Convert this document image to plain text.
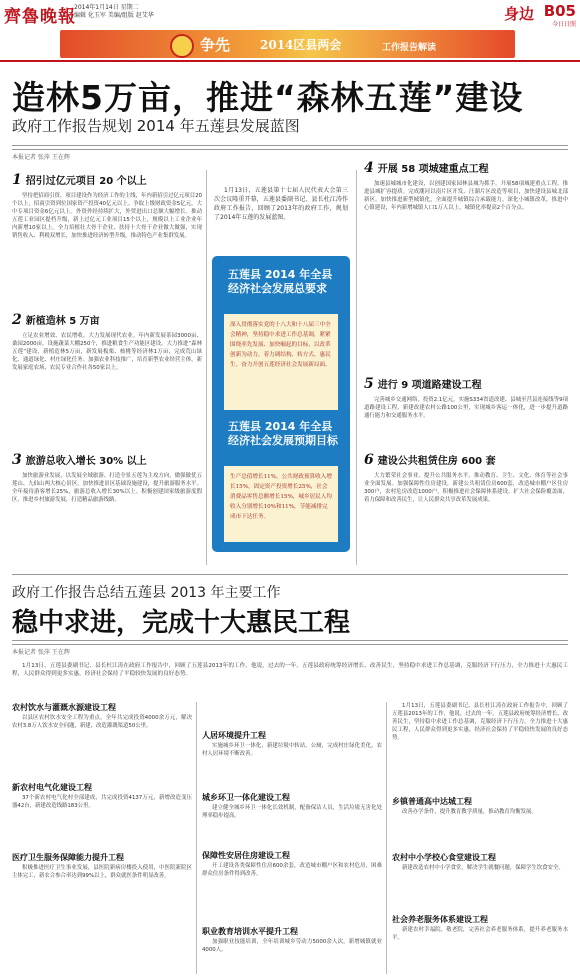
齊魯晚報
2014年1月14日 星期二
编辑 化玉军 美编/组版 赵艾华	身边 B05
今日日照
争先 2014区县两会	工作报告解读
造林5万亩，推进“森林五莲”建设
政府工作报告规划 2014 年五莲县发展蓝图
本报记者 张萍 王在辉
1 招引过亿元项目 20 个以上

坚持把招商引资、项目建设作为经济工作的主线，年内新招引过亿元项目20个以上，招商引资到位国家资产投资40亿元以上。争取上级财政资金5亿元，大中专项目资金6亿元以上。外资外经持续扩大，外贸进出口总额大幅增长。推动五莲工业园区提档升级，新上过亿元工业项目15个以上，规模以上工业企业年内新增10家以上。全力培植壮大骨干企业，扶持十大骨干企业做大做强，实现销售收入、利税双增长，加快推进经济转型升级，推动特色产业集群发展。

2 新植造林 5 万亩

立足农业增效、农民增收，大力发展现代农业。年内新发展茶园3000亩、桑园2000亩，设施蔬菜大棚250个，推进粮食生产功能区建设。大力推进“森林五莲”建设，新植造林5万亩，新发展板栗、核桃等经济林1万亩，完成荒山绿化、通道绿化、村庄绿化任务。加强农业科技推广，培育新型农业经营主体，新发展家庭农场、农民专业合作社各50家以上。

3 旅游总收入增长 30% 以上

加快旅游业发展，以发展全域旅游、打造全景五莲为主攻方向，做强做优五莲山、九仙山两大核心景区，加快推进景区基础设施建设，提升旅游服务水平。全年接待游客增长25%，旅游总收入增长30%以上。积极创建国家级旅游度假区，推进乡村旅游发展，打造精品旅游线路。

1月13日，五莲县第十七届人民代表大会第三次会议隆重开幕，五莲县委副书记、县长杜江涛作政府工作报告，回顾了2013年的政府工作，规划了2014年五莲的发展蓝图。

五莲县 2014 年全县经济社会发展总要求
深入贯彻落实党的十八大和十八届三中全会精神，坚持稳中求进工作总基调，紧紧围绕率先发展、加快崛起的目标，以改革创新为动力，着力调结构、转方式、惠民生，奋力开创五莲经济社会发展新局面。
五莲县 2014 年全县经济社会发展预期目标
生产总值增长11%，公共财政预算收入增长15%，固定资产投资增长25%，社会消费品零售总额增长15%，城乡居民人均收入分别增长10%和11%，节能减排完成市下达任务。
4 开展 58 项城建重点工程

加速县城城市化建设，以创建国家园林县城为抓手，开展58项城建重点工程，推进县城扩容提质。完成潮河以南片区开发、汪湖片区改造等项目，加快建设县城北部新区。加快推进新型城镇化，全面提升城镇综合承载能力。深化小城镇改革，推进中心镇建设，年内新增城镇人口1万人以上，城镇化率提高2个百分点。

5 进行 9 项道路建设工程

完善城乡交通网络，投资2.1亿元，实施S334省道改建、县城至莒县连接线等9项道路建设工程，新建改建农村公路100公里，实现城乡客运一体化，进一步提升道路通行能力和交通服务水平。

6 建设公共租赁住房 600 套

大力繁荣社会事业，提升公共服务水平，推动教育、卫生、文化、体育等社会事业全面发展。加强保障性住房建设，新建公共租赁住房600套，改造城市棚户区住房300户，农村危房改造1000户。积极推进社会保障体系建设，扩大社会保险覆盖面，着力保障和改善民生，让人民群众共享改革发展成果。

政府工作报告总结五莲县 2013 年主要工作
稳中求进，完成十大惠民工程
本报记者 张萍 王在辉

1月13日，五莲县委副书记、县长杜江涛在政府工作报告中，回顾了五莲县2013年的工作，他说，过去的一年，五莲县政府统筹经济增长、改善民生，坚持稳中求进工作总基调，克服经济下行压力，全力推进十大惠民工程，人民群众得到更多实惠，经济社会保持了平稳较快发展的良好态势。

农村饮水与灌溉水源建设工程

以县区农村饮水安全工程为重点，全年共完成投资4000余万元，解决农村3.8万人饮水安全问题，新建、改造灌溉渠道50公里。

新农村电气化建设工程

37个新农村电气化村全部建成，共完成投资4137万元，新增改造变压器42台，新建改造线路183公里。

医疗卫生服务保障能力提升工程

积极推进医疗卫生事业发展，县医院新病房楼投入使用，中医院新院区主体完工，新农合参合率达到99%以上，群众就医条件明显改善。

人居环境提升工程

实施城乡环卫一体化，新建垃圾中转站、公厕，完成村庄绿化美化，农村人居环境不断改善。

城乡环卫一体化建设工程

建立健全城乡环卫一体化长效机制，配备保洁人员，生活垃圾无害化处理率稳步提高。

保障性安居住房建设工程

开工建设各类保障性住房600余套，改造城市棚户区和农村危房，困难群众住房条件得到改善。

职业教育培训水平提升工程

加强职业技能培训，全年培训城乡劳动力5000余人次，新增城镇就业4000人。

1月13日，五莲县委副书记、县长杜江涛在政府工作报告中，回顾了五莲县2013年的工作，他说，过去的一年，五莲县政府统筹经济增长、改善民生，坚持稳中求进工作总基调，克服经济下行压力，全力推进十大惠民工程，人民群众得到更多实惠，经济社会保持了平稳较快发展的良好态势。

乡镇普通高中达城工程

改善办学条件，提升教育教学质量，推动教育均衡发展。

农村中小学校心食堂建设工程

新建改造农村中小学食堂，解决学生就餐问题，保障学生饮食安全。

社会养老服务体系建设工程

新建农村幸福院、敬老院，完善社会养老服务体系，提升养老服务水平。
